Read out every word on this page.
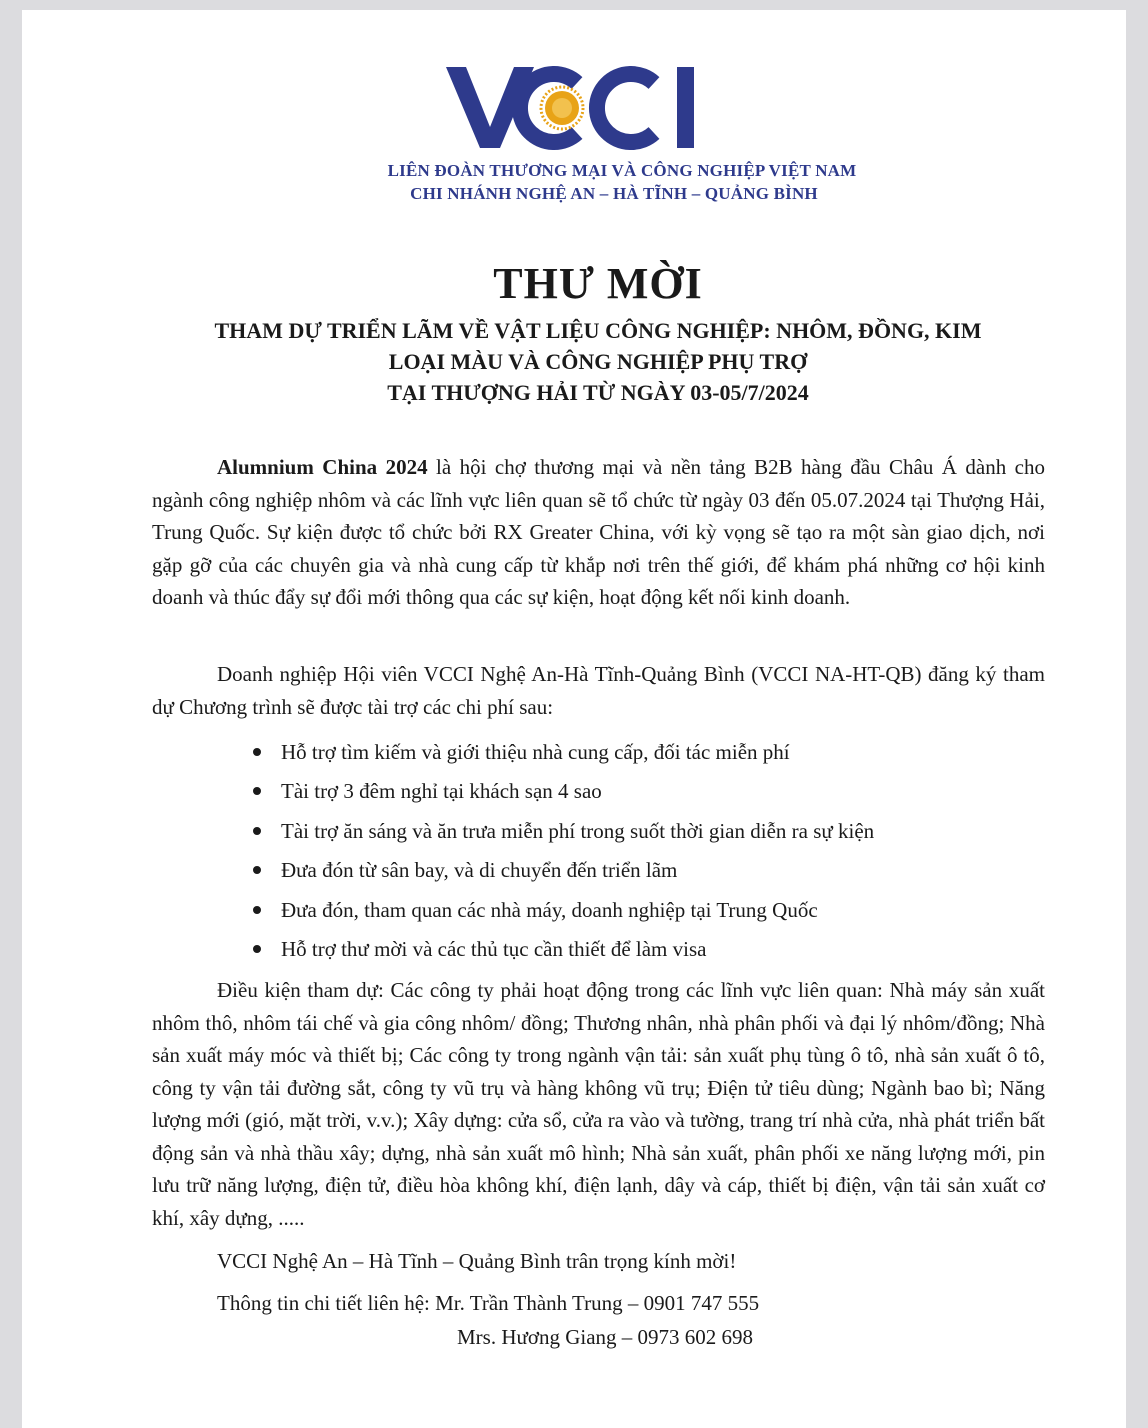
LIÊN ĐOÀN THƯƠNG MẠI VÀ CÔNG NGHIỆP VIỆT NAM
CHI NHÁNH NGHỆ AN – HÀ TĨNH – QUẢNG BÌNH
THƯ MỜI
THAM DỰ TRIỂN LÃM VỀ VẬT LIỆU CÔNG NGHIỆP: NHÔM, ĐỒNG, KIM
LOẠI MÀU VÀ CÔNG NGHIỆP PHỤ TRỢ
TẠI THƯỢNG HẢI TỪ NGÀY 03-05/7/2024

Alumnium China 2024 là hội chợ thương mại và nền tảng B2B hàng đầu Châu Á dành cho ngành công nghiệp nhôm và các lĩnh vực liên quan sẽ tổ chức từ ngày 03 đến 05.07.2024 tại Thượng Hải, Trung Quốc. Sự kiện được tổ chức bởi RX Greater China, với kỳ vọng sẽ tạo ra một sàn giao dịch, nơi gặp gỡ của các chuyên gia và nhà cung cấp từ khắp nơi trên thế giới, để khám phá những cơ hội kinh doanh và thúc đẩy sự đổi mới thông qua các sự kiện, hoạt động kết nối kinh doanh.

Doanh nghiệp Hội viên VCCI Nghệ An-Hà Tĩnh-Quảng Bình (VCCI NA-HT-QB) đăng ký tham dự Chương trình sẽ được tài trợ các chi phí sau:

Hỗ trợ tìm kiếm và giới thiệu nhà cung cấp, đối tác miễn phí
Tài trợ 3 đêm nghỉ tại khách sạn 4 sao
Tài trợ ăn sáng và ăn trưa miễn phí trong suốt thời gian diễn ra sự kiện
Đưa đón từ sân bay, và di chuyển đến triển lãm
Đưa đón, tham quan các nhà máy, doanh nghiệp tại Trung Quốc
Hỗ trợ thư mời và các thủ tục cần thiết để làm visa

Điều kiện tham dự: Các công ty phải hoạt động trong các lĩnh vực liên quan: Nhà máy sản xuất nhôm thô, nhôm tái chế và gia công nhôm/ đồng; Thương nhân, nhà phân phối và đại lý nhôm/đồng; Nhà sản xuất máy móc và thiết bị; Các công ty trong ngành vận tải: sản xuất phụ tùng ô tô, nhà sản xuất ô tô, công ty vận tải đường sắt, công ty vũ trụ và hàng không vũ trụ; Điện tử tiêu dùng; Ngành bao bì; Năng lượng mới (gió, mặt trời, v.v.); Xây dựng: cửa sổ, cửa ra vào và tường, trang trí nhà cửa, nhà phát triển bất động sản và nhà thầu xây; dựng, nhà sản xuất mô hình; Nhà sản xuất, phân phối xe năng lượng mới, pin lưu trữ năng lượng, điện tử, điều hòa không khí, điện lạnh, dây và cáp, thiết bị điện, vận tải sản xuất cơ khí, xây dựng, .....

VCCI Nghệ An – Hà Tĩnh – Quảng Bình trân trọng kính mời!
Thông tin chi tiết liên hệ: Mr. Trần Thành Trung – 0901 747 555
Mrs. Hương Giang – 0973 602 698
